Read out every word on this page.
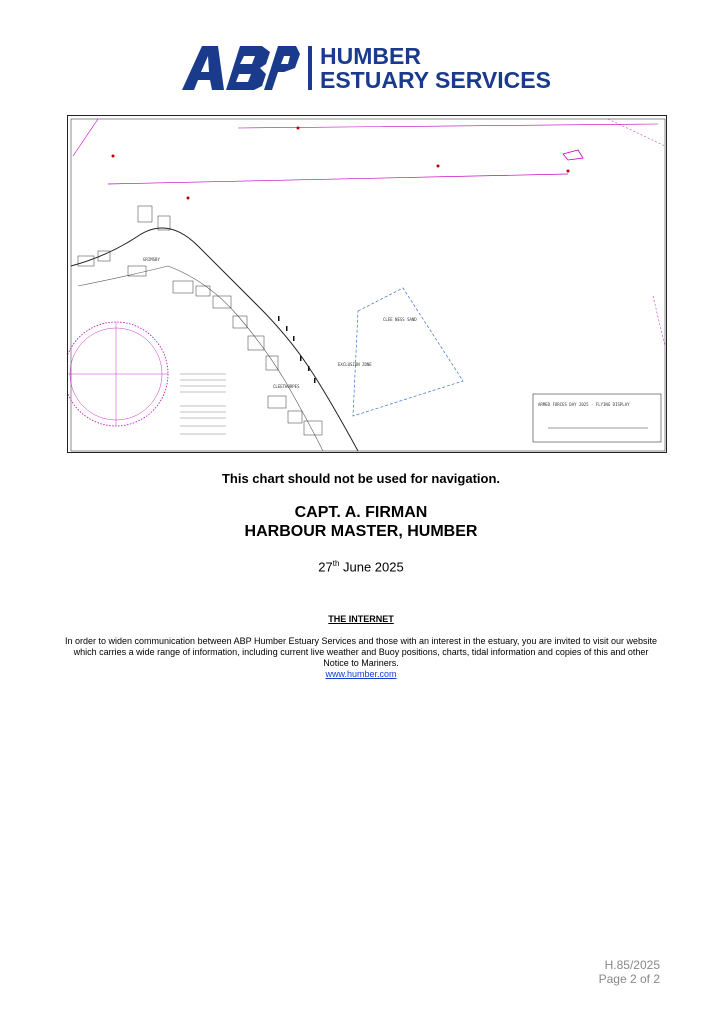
HUMBER
ESTUARY SERVICES
GRIMSBY
CLEETHORPES
CLEE NESS SAND
EXCLUSION ZONE
ARMED FORCES DAY 2025 - FLYING DISPLAY
This chart should not be used for navigation.
CAPT. A. FIRMAN
HARBOUR MASTER, HUMBER
27th June 2025
THE INTERNET
In order to widen communication between ABP Humber Estuary Services and those with an interest in the estuary, you are invited to visit our website which carries a wide range of information, including current live weather and Buoy positions, charts, tidal information and copies of this and other Notice to Mariners.
www.humber.com
H.85/2025
Page 2 of 2
